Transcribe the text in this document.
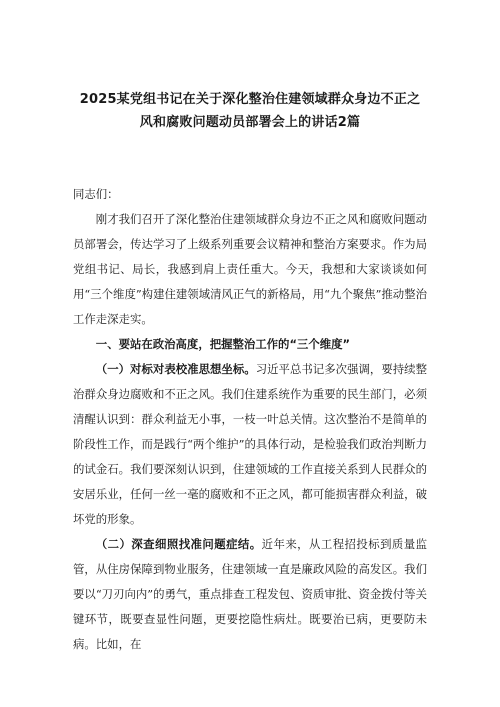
2025某党组书记在关于深化整治住建领域群众身边不正之
风和腐败问题动员部署会上的讲话2篇

同志们：

刚才我们召开了深化整治住建领域群众身边不正之风和腐败问题动员部署会，传达学习了上级系列重要会议精神和整治方案要求。作为局党组书记、局长，我感到肩上责任重大。今天，我想和大家谈谈如何用“三个维度”构建住建领域清风正气的新格局，用“九个聚焦”推动整治工作走深走实。

一、要站在政治高度，把握整治工作的“三个维度”

（一）对标对表校准思想坐标。习近平总书记多次强调，要持续整治群众身边腐败和不正之风。我们住建系统作为重要的民生部门，必须清醒认识到：群众利益无小事，一枝一叶总关情。这次整治不是简单的阶段性工作，而是践行“两个维护”的具体行动，是检验我们政治判断力的试金石。我们要深刻认识到，住建领域的工作直接关系到人民群众的安居乐业，任何一丝一毫的腐败和不正之风，都可能损害群众利益，破坏党的形象。

（二）深查细照找准问题症结。近年来，从工程招投标到质量监管，从住房保障到物业服务，住建领域一直是廉政风险的高发区。我们要以“刀刃向内”的勇气，重点排查工程发包、资质审批、资金拨付等关键环节，既要查显性问题，更要挖隐性病灶。既要治已病，更要防未病。比如，在
